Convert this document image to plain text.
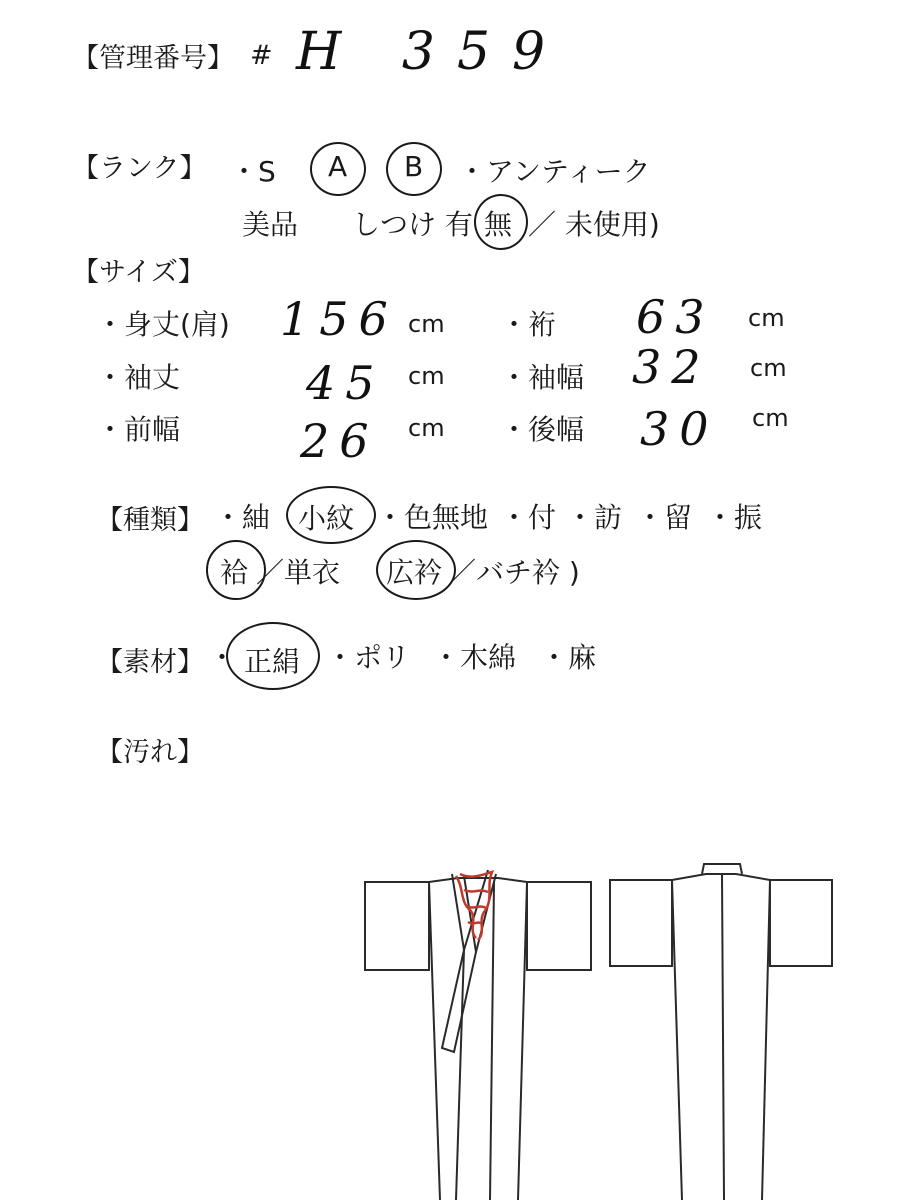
【管理番号】 # H 359
【ランク】 ・S A B ・アンティーク
美品 しつけ 有 無 ／ 未使用)
【サイズ】
・身丈(肩) 156 cm ・裄 63 cm
・袖丈	45 cm ・袖幅 32 cm
・前幅	26 cm ・後幅 30 cm
【種類】 ・紬 小紋 ・色無地 ・付 ・訪 ・留 ・振
袷 ／単衣 広衿 ／バチ衿 )
【素材】 ・ 正絹 ・ポリ ・木綿 ・麻
【汚れ】
